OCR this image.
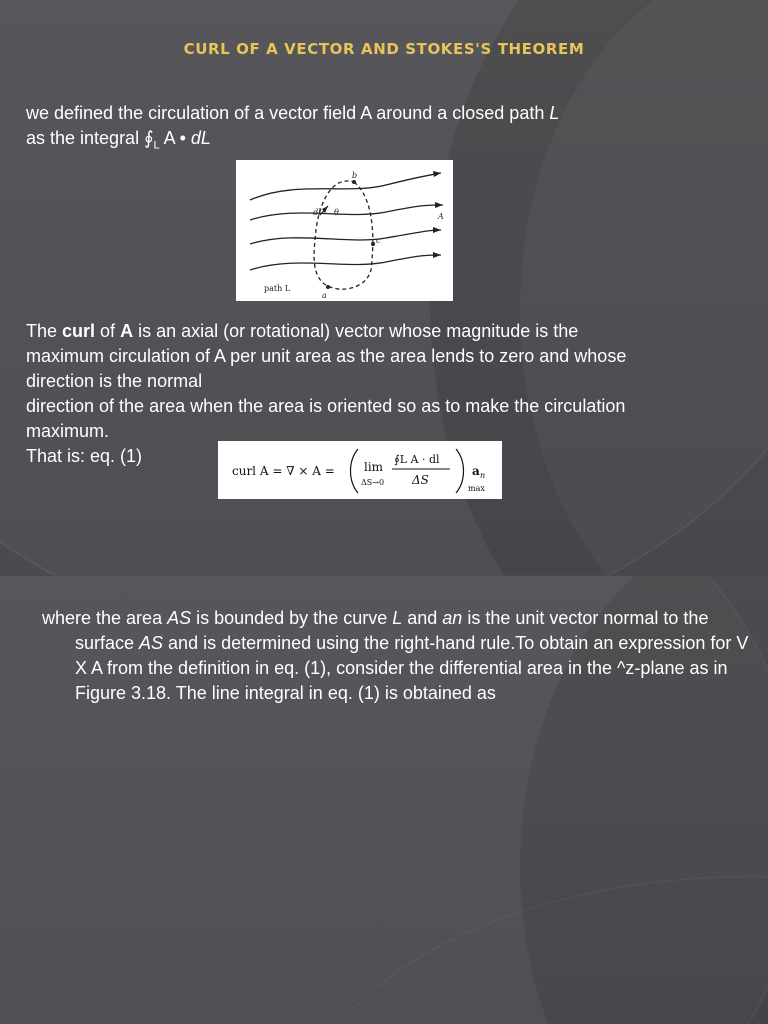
CURL OF A VECTOR AND STOKES'S THEOREM
we defined the circulation of a vector field A around a closed path L
as the integral $∮_L$ A • dL
b
dl θ	A
c
path L
a
The curl of A is an axial (or rotational) vector whose magnitude is the
maximum circulation of A per unit area as the area lends to zero and whose
direction is the normal
direction of the area when the area is oriented so as to make the circulation
maximum.
That is: eq. (1)
curl A = ∇ × A = lim
ΔS→0
∮L A · dl
ΔS
a n
max
where the area AS is bounded by the curve L and an is the unit vector normal to the surface AS and is determined using the right-hand rule.To obtain an expression for V X A from the definition in eq. (1), consider the differential area in the ^z-plane as in Figure 3.18. The line integral in eq. (1) is obtained as
